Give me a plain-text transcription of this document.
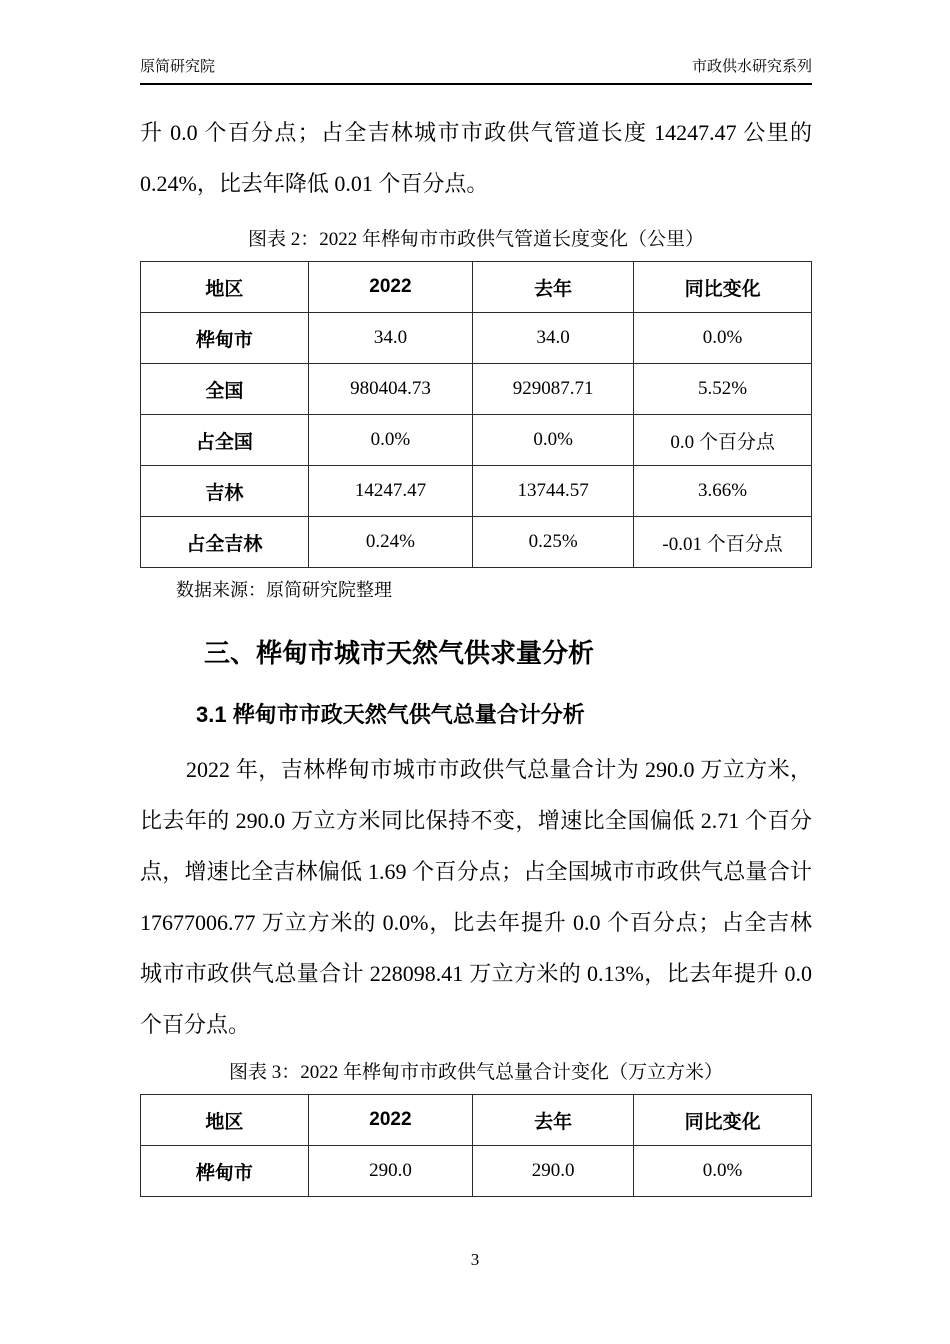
原简研究院	市政供水研究系列

升 0.0 个百分点；占全吉林城市市政供气管道长度 14247.47 公里的 0.24%，比去年降低 0.01 个百分点。

图表 2：2022 年桦甸市市政供气管道长度变化（公里）

地区	2022	去年	同比变化
桦甸市	34.0	34.0	0.0%
全国	980404.73	929087.71	5.52%
占全国	0.0%	0.0%	0.0 个百分点
吉林	14247.47	13744.57	3.66%
占全吉林	0.24%	0.25%	-0.01 个百分点

数据来源：原简研究院整理

三、桦甸市城市天然气供求量分析
3.1 桦甸市市政天然气供气总量合计分析

2022 年，吉林桦甸市城市市政供气总量合计为 290.0 万立方米，比去年的 290.0 万立方米同比保持不变，增速比全国偏低 2.71 个百分点，增速比全吉林偏低 1.69 个百分点；占全国城市市政供气总量合计 17677006.77 万立方米的 0.0%，比去年提升 0.0 个百分点；占全吉林城市市政供气总量合计 228098.41 万立方米的 0.13%，比去年提升 0.0 个百分点。

图表 3：2022 年桦甸市市政供气总量合计变化（万立方米）

地区	2022	去年	同比变化
桦甸市	290.0	290.0	0.0%
3
